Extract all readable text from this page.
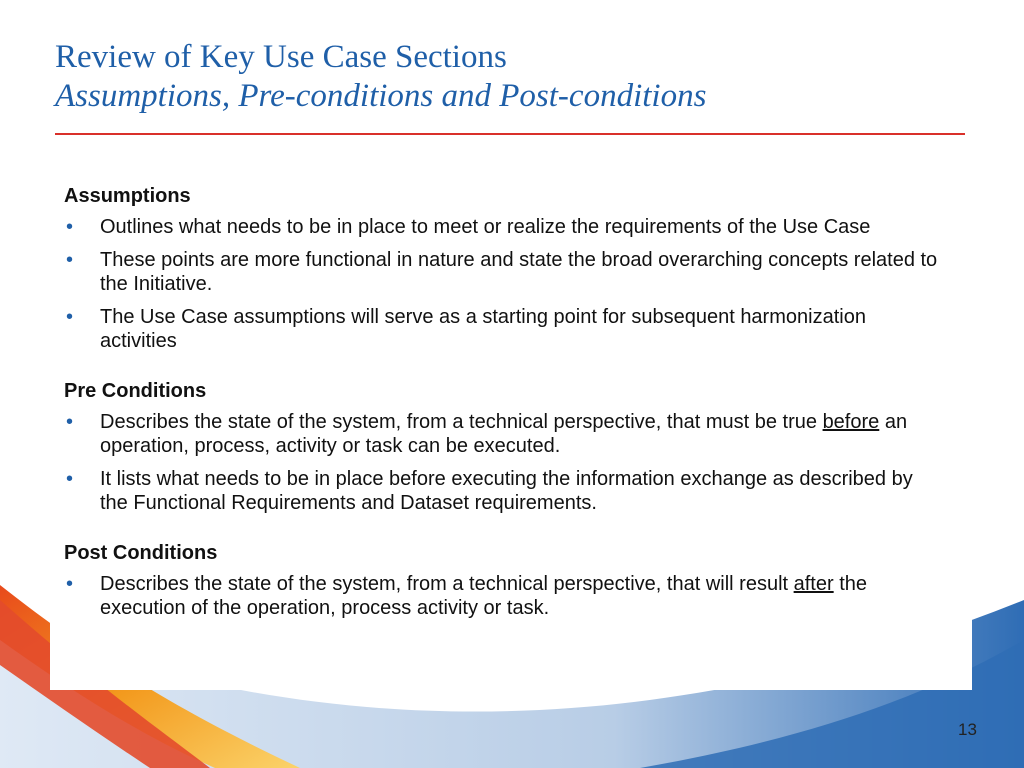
Review of Key Use Case Sections
Assumptions, Pre-conditions and Post-conditions
Assumptions
• Outlines what needs to be in place to meet or realize the requirements of the Use Case
• These points are more functional in nature and state the broad overarching concepts related to the Initiative.
• The Use Case assumptions will serve as a starting point for subsequent harmonization activities
Pre Conditions
• Describes the state of the system, from a technical perspective, that must be true before an operation, process, activity or task can be executed.
• It lists what needs to be in place before executing the information exchange as described by the Functional Requirements and Dataset requirements.
Post Conditions
• Describes the state of the system, from a technical perspective, that will result after the execution of the operation, process activity or task.
13
